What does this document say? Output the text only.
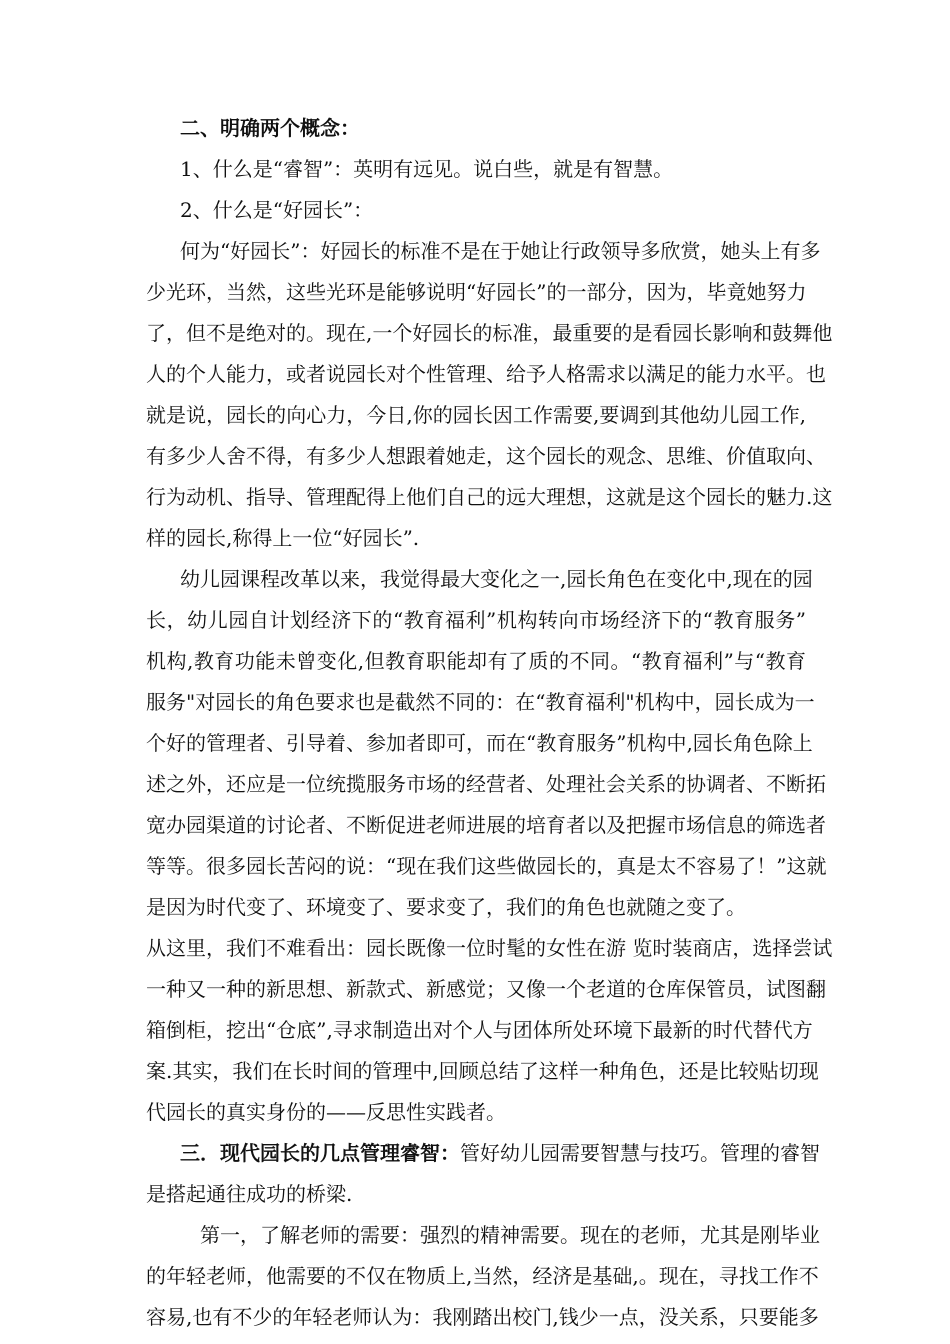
二、明确两个概念：
1、什么是“睿智”：英明有远见。说白些，就是有智慧。
2、什么是“好园长”：
何为“好园长”：好园长的标准不是在于她让行政领导多欣赏，她头上有多
少光环，当然，这些光环是能够说明“好园长”的一部分，因为，毕竟她努力
了，但不是绝对的。现在,一个好园长的标准，最重要的是看园长影响和鼓舞他
人的个人能力，或者说园长对个性管理、给予人格需求以满足的能力水平。也
就是说，园长的向心力，今日,你的园长因工作需要,要调到其他幼儿园工作,
有多少人舍不得，有多少人想跟着她走，这个园长的观念、思维、价值取向、
行为动机、指导、管理配得上他们自己的远大理想，这就是这个园长的魅力.这
样的园长,称得上一位“好园长”.
幼儿园课程改革以来，我觉得最大变化之一,园长角色在变化中,现在的园
长，幼儿园自计划经济下的“教育福利”机构转向市场经济下的“教育服务”
机构,教育功能未曾变化,但教育职能却有了质的不同。“教育福利”与“教育
服务"对园长的角色要求也是截然不同的：在“教育福利"机构中，园长成为一
个好的管理者、引导着、参加者即可，而在“教育服务”机构中,园长角色除上
述之外，还应是一位统揽服务市场的经营者、处理社会关系的协调者、不断拓
宽办园渠道的讨论者、不断促进老师进展的培育者以及把握市场信息的筛选者
等等。很多园长苦闷的说：“现在我们这些做园长的，真是太不容易了！”这就
是因为时代变了、环境变了、要求变了，我们的角色也就随之变了。
从这里，我们不难看出：园长既像一位时髦的女性在游 览时装商店，选择尝试
一种又一种的新思想、新款式、新感觉；又像一个老道的仓库保管员，试图翻
箱倒柜，挖出“仓底”,寻求制造出对个人与团体所处环境下最新的时代替代方
案.其实，我们在长时间的管理中,回顾总结了这样一种角色，还是比较贴切现
代园长的真实身份的——反思性实践者。
三．现代园长的几点管理睿智：管好幼儿园需要智慧与技巧。管理的睿智
是搭起通往成功的桥梁.
第一，了解老师的需要：强烈的精神需要。现在的老师，尤其是刚毕业
的年轻老师，他需要的不仅在物质上,当然，经济是基础,。现在，寻找工作不
容易,也有不少的年轻老师认为：我刚踏出校门,钱少一点，没关系，只要能多
